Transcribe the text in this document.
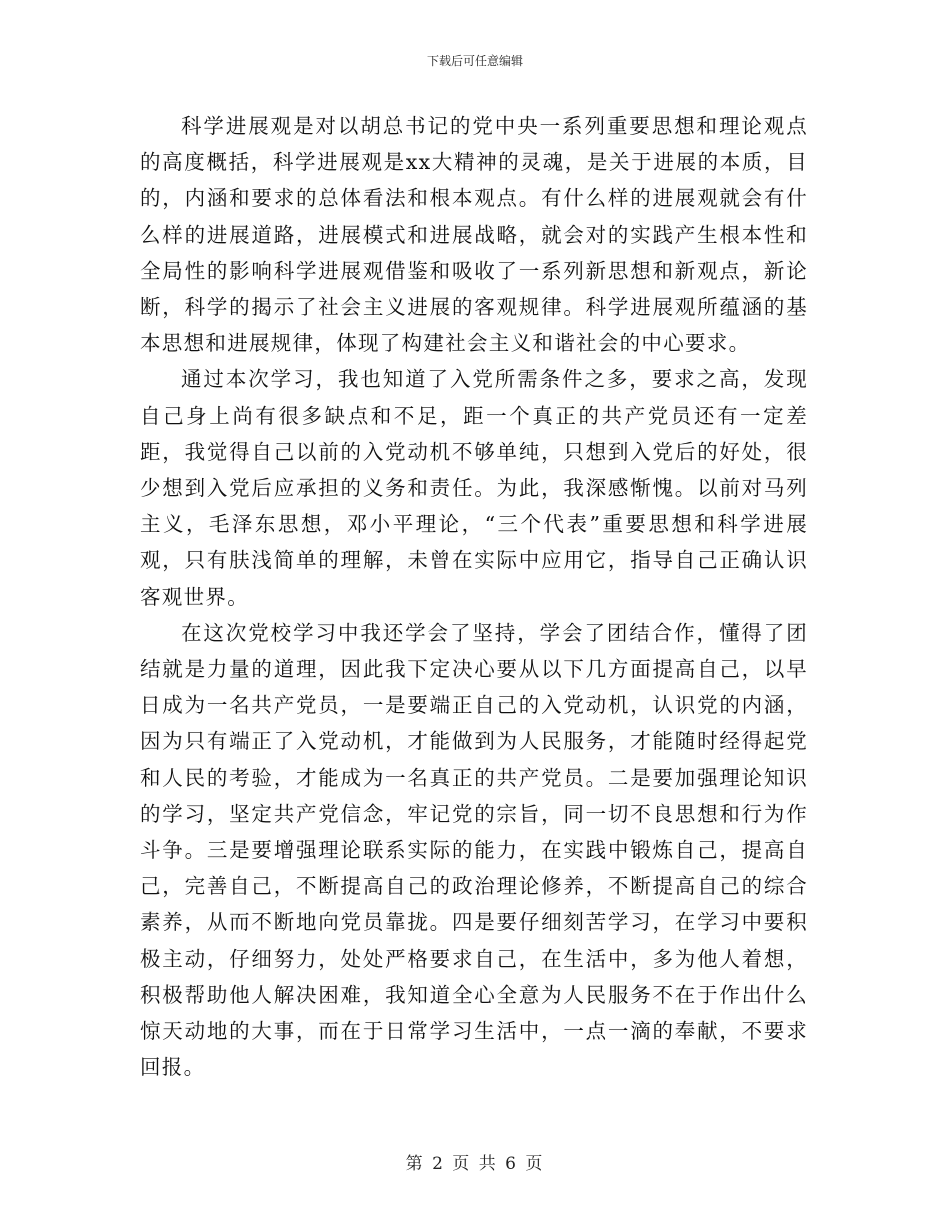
下载后可任意编辑

科学进展观是对以胡总书记的党中央一系列重要思想和理论观点的高度概括，科学进展观是xx大精神的灵魂，是关于进展的本质，目的，内涵和要求的总体看法和根本观点。有什么样的进展观就会有什么样的进展道路，进展模式和进展战略，就会对的实践产生根本性和全局性的影响科学进展观借鉴和吸收了一系列新思想和新观点，新论断，科学的揭示了社会主义进展的客观规律。科学进展观所蕴涵的基本思想和进展规律，体现了构建社会主义和谐社会的中心要求。

通过本次学习，我也知道了入党所需条件之多，要求之高，发现自己身上尚有很多缺点和不足，距一个真正的共产党员还有一定差距，我觉得自己以前的入党动机不够单纯，只想到入党后的好处，很少想到入党后应承担的义务和责任。为此，我深感惭愧。以前对马列主义，毛泽东思想，邓小平理论，“三个代表”重要思想和科学进展观，只有肤浅简单的理解，未曾在实际中应用它，指导自己正确认识客观世界。

在这次党校学习中我还学会了坚持，学会了团结合作，懂得了团结就是力量的道理，因此我下定决心要从以下几方面提高自己，以早日成为一名共产党员，一是要端正自己的入党动机，认识党的内涵，因为只有端正了入党动机，才能做到为人民服务，才能随时经得起党和人民的考验，才能成为一名真正的共产党员。二是要加强理论知识的学习，坚定共产党信念，牢记党的宗旨，同一切不良思想和行为作斗争。三是要增强理论联系实际的能力，在实践中锻炼自己，提高自己，完善自己，不断提高自己的政治理论修养，不断提高自己的综合素养，从而不断地向党员靠拢。四是要仔细刻苦学习，在学习中要积极主动，仔细努力，处处严格要求自己，在生活中，多为他人着想，积极帮助他人解决困难，我知道全心全意为人民服务不在于作出什么惊天动地的大事，而在于日常学习生活中，一点一滴的奉献，不要求回报。

第 2 页 共 6 页
